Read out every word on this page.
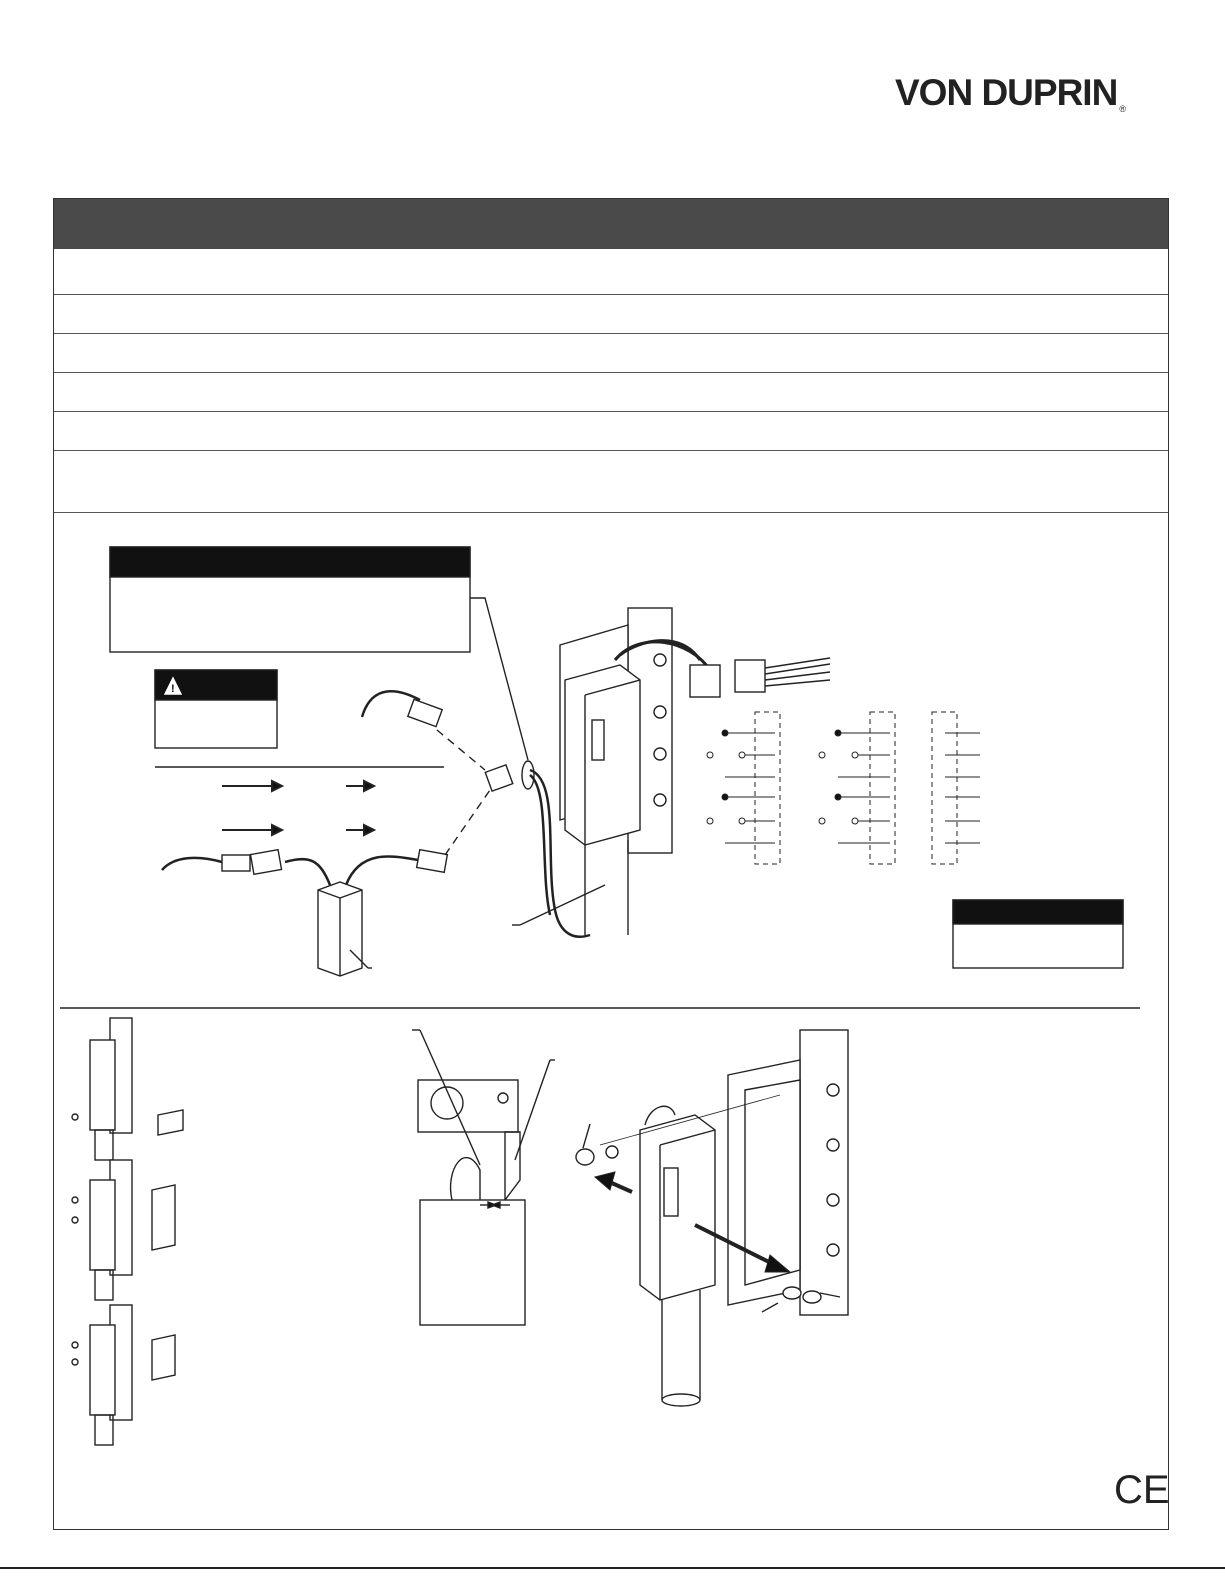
VON DUPRIN ®
!
CE
